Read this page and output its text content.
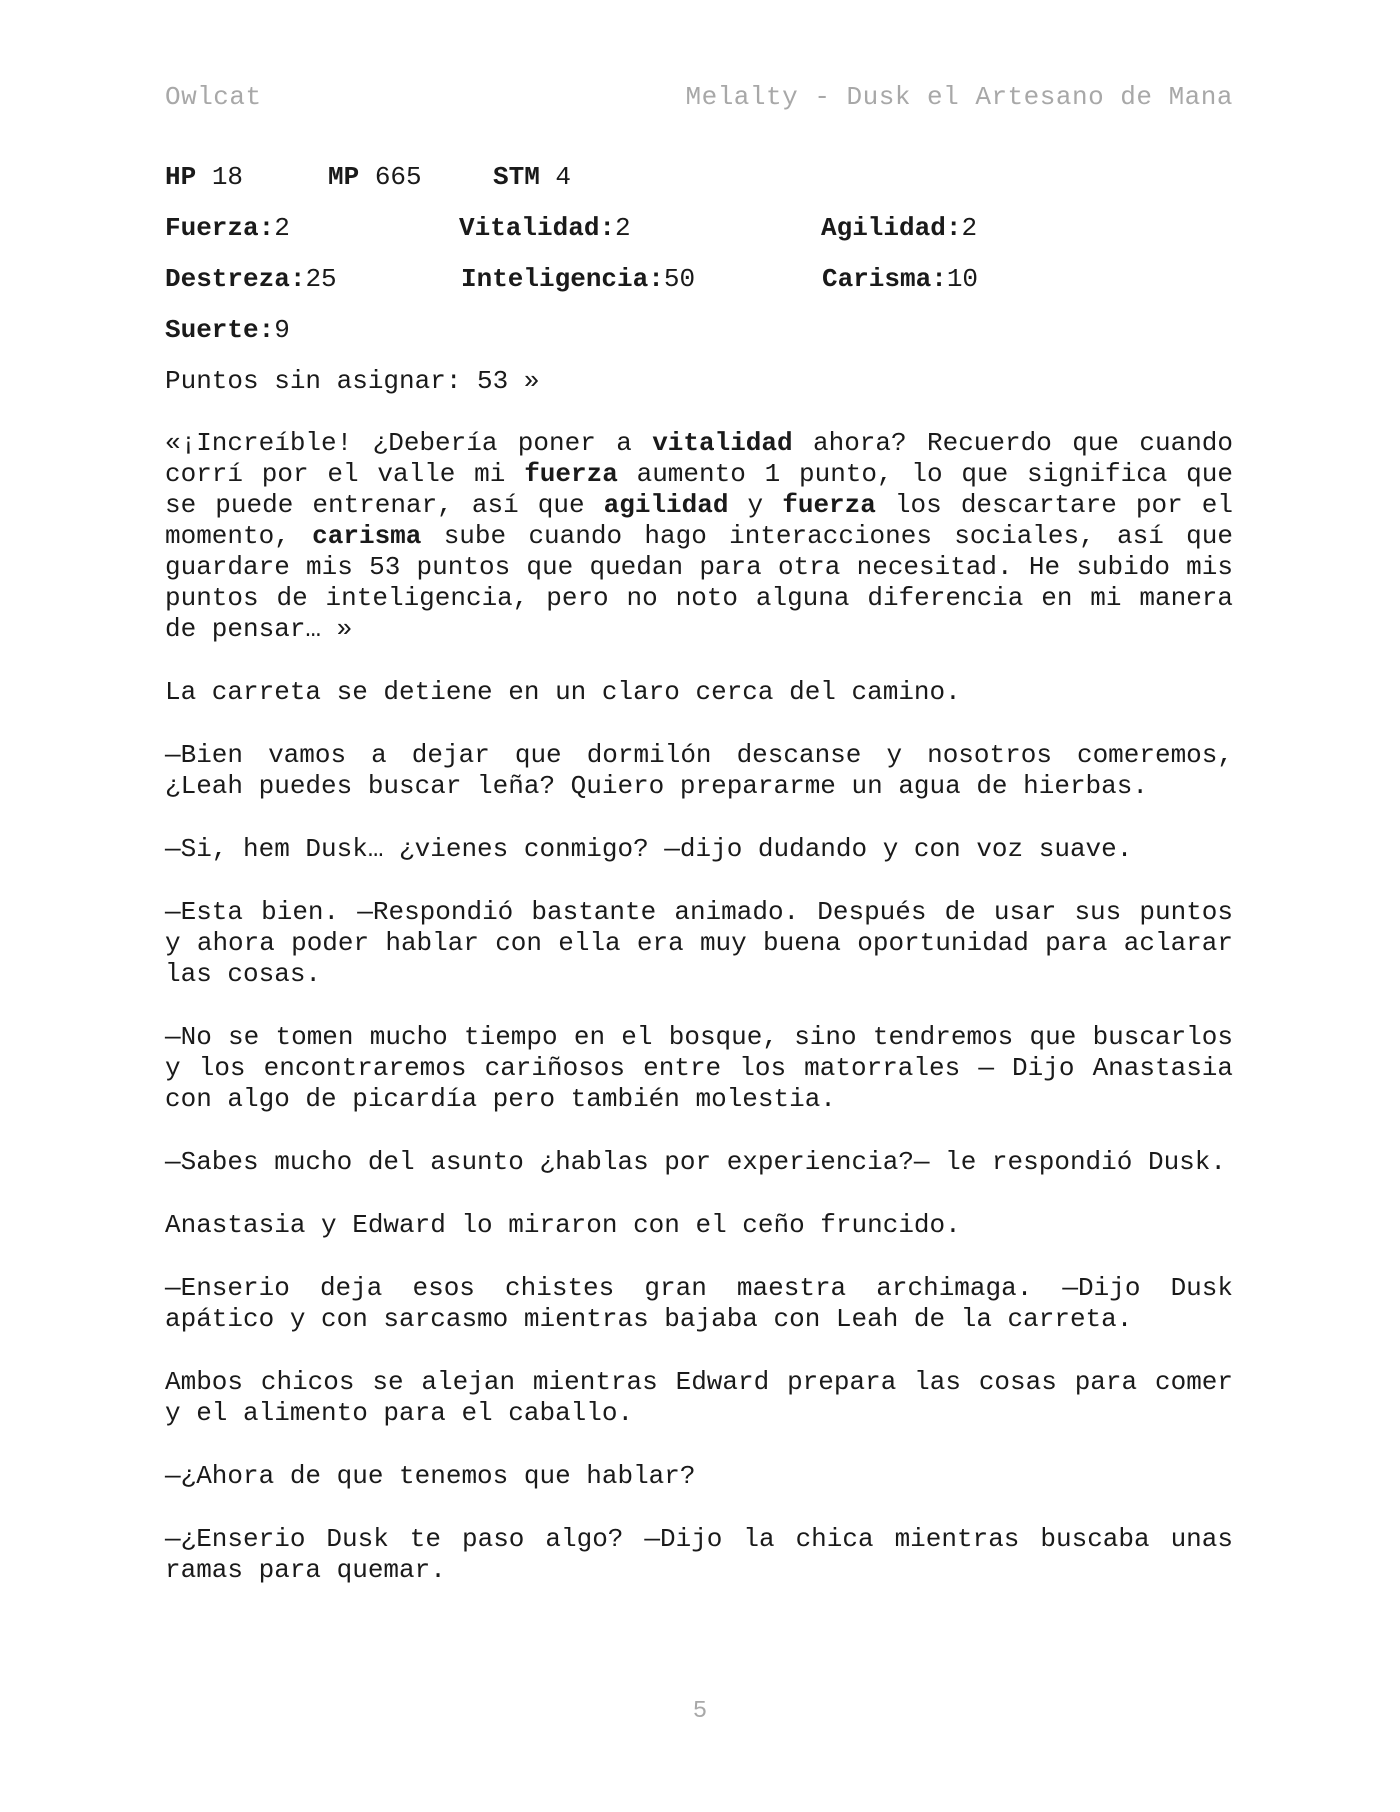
Owlcat	Melalty - Dusk el Artesano de Mana
HP 18	MP 665	STM 4
Fuerza:2	Vitalidad:2	Agilidad:2
Destreza:25	Inteligencia:50	Carisma:10
Suerte:9
Puntos sin asignar: 53 »

«¡Increíble! ¿Debería poner a vitalidad ahora? Recuerdo que cuando corrí por el valle mi fuerza aumento 1 punto, lo que significa que se puede entrenar, así que agilidad y fuerza los descartare por el momento, carisma sube cuando hago interacciones sociales, así que guardare mis 53 puntos que quedan para otra necesitad. He subido mis puntos de inteligencia, pero no noto alguna diferencia en mi manera de pensar… »

La carreta se detiene en un claro cerca del camino.

—Bien vamos a dejar que dormilón descanse y nosotros comeremos, ¿Leah puedes buscar leña? Quiero prepararme un agua de hierbas.

—Si, hem Dusk… ¿vienes conmigo? —dijo dudando y con voz suave.

—Esta bien. —Respondió bastante animado. Después de usar sus puntos y ahora poder hablar con ella era muy buena oportunidad para aclarar las cosas.

—No se tomen mucho tiempo en el bosque, sino tendremos que buscarlos y los encontraremos cariñosos entre los matorrales — Dijo Anastasia con algo de picardía pero también molestia.

—Sabes mucho del asunto ¿hablas por experiencia?— le respondió Dusk.

Anastasia y Edward lo miraron con el ceño fruncido.

—Enserio deja esos chistes gran maestra archimaga. —Dijo Dusk apático y con sarcasmo mientras bajaba con Leah de la carreta.

Ambos chicos se alejan mientras Edward prepara las cosas para comer y el alimento para el caballo.

—¿Ahora de que tenemos que hablar?

—¿Enserio Dusk te paso algo? —Dijo la chica mientras buscaba unas ramas para quemar.

5
